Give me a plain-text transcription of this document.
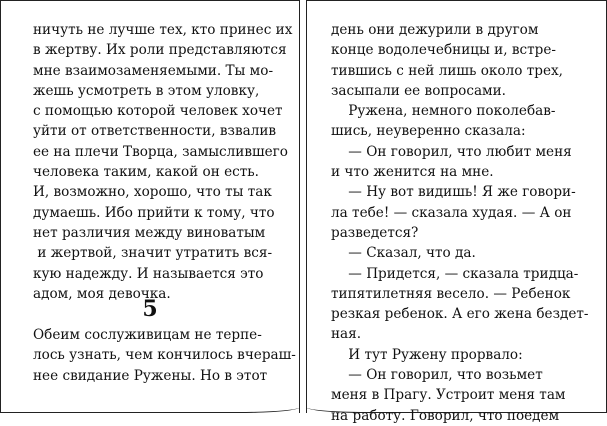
ничуть не лучше тех, кто принес их
в жертву. Их роли представляются
мне взаимозаменяемыми. Ты мо-
жешь усмотреть в этом уловку,
с помощью которой человек хочет
уйти от ответственности, взвалив
ее на плечи Творца, замыслившего
человека таким, какой он есть.
И, возможно, хорошо, что ты так
думаешь. Ибо прийти к тому, что
нет различия между виноватым
и жертвой, значит утратить вся-
кую надежду. И называется это
адом, моя девочка.
5
Обеим сослуживицам не терпе-
лось узнать, чем кончилось вчераш-
нее свидание Ружены. Но в этот
день они дежурили в другом
конце водолечебницы и, встре-
тившись с ней лишь около трех,
засыпали ее вопросами.
Ружена, немного поколебав-
шись, неуверенно сказала:
— Он говорил, что любит меня
и что женится на мне.
— Ну вот видишь! Я же говори-
ла тебе! — сказала худая. — А он
разведется?
— Сказал, что да.
— Придется, — сказала тридца-
типятилетняя весело. — Ребенок
резкая ребенок. А его жена бездет-
ная.
И тут Ружену прорвало:
— Он говорил, что возьмет
меня в Прагу. Устроит меня там
на работу. Говорил, что поедем
